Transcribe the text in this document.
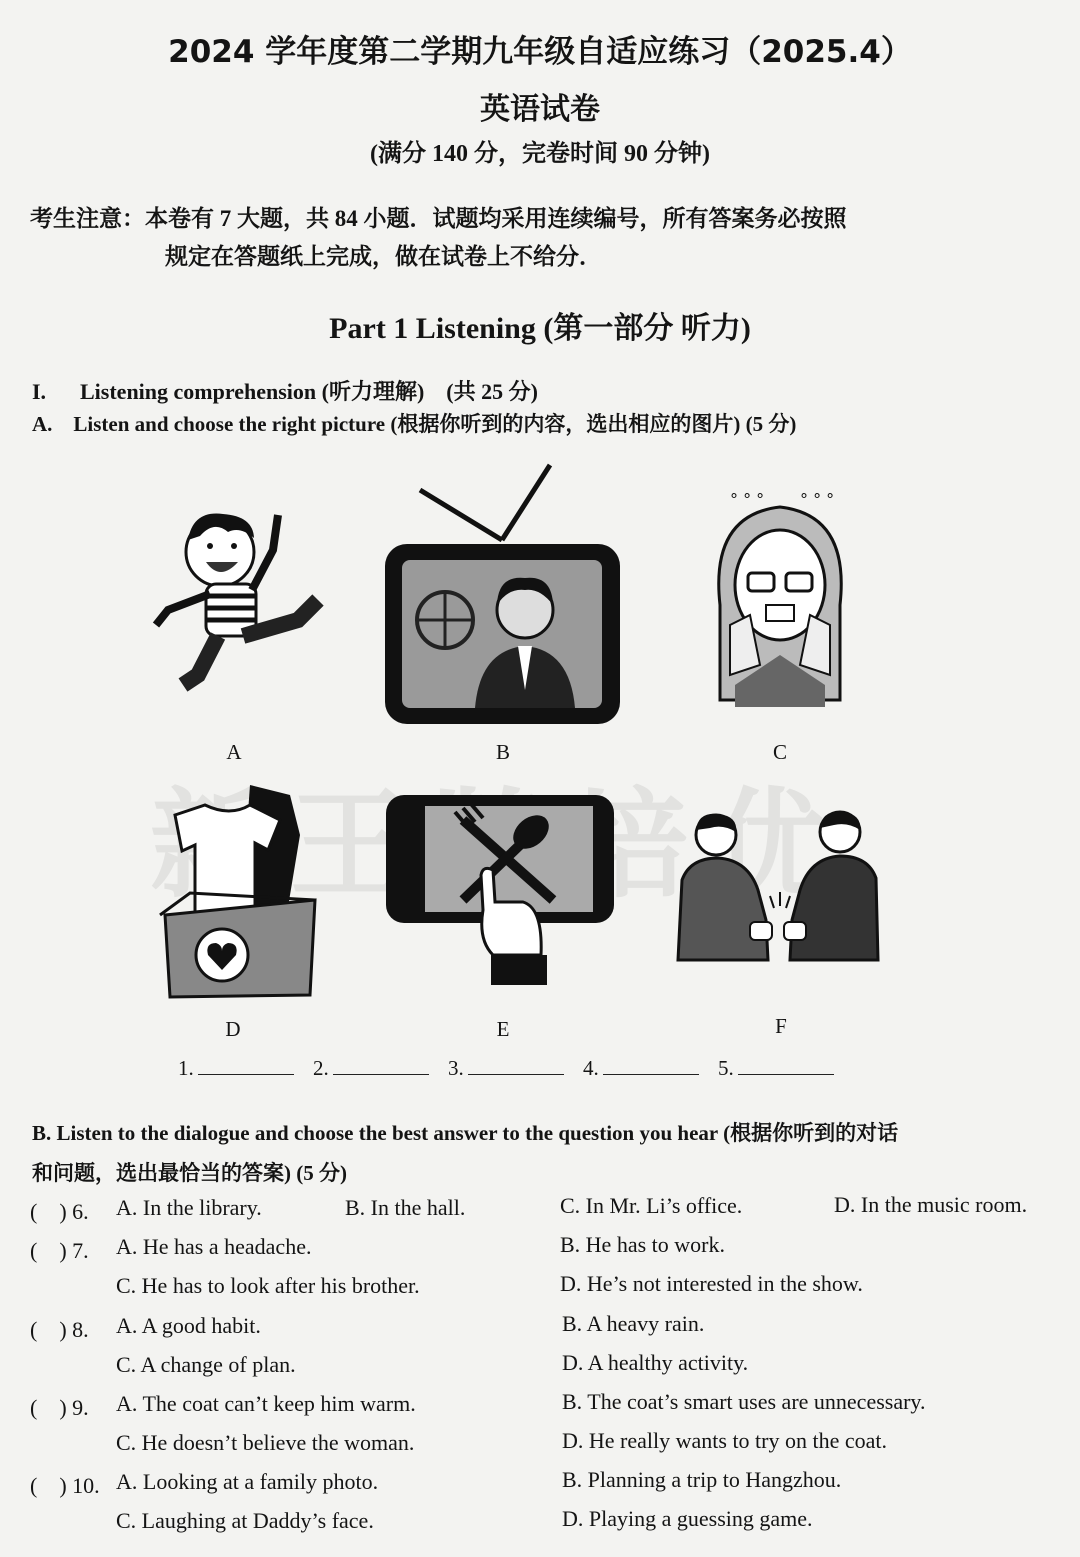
2024 学年度第二学期九年级自适应练习（2025.4）
英语试卷
(满分 140 分，完卷时间 90 分钟)
考生注意：本卷有 7 大题，共 84 小题．试题均采用连续编号，所有答案务必按照
规定在答题纸上完成，做在试卷上不给分．
Part 1 Listening (第一部分 听力)
I. Listening comprehension (听力理解)　(共 25 分)
A.　Listen and choose the right picture (根据你听到的内容，选出相应的图片) (5 分)
A	B
° ° ° ° ° °
C
D	E	F
1.	2.	3.	4.	5.
B. Listen to the dialogue and choose the best answer to the question you hear (根据你听到的对话
和问题，选出最恰当的答案) (5 分)
(　) 6. A. In the library.	B. In the hall.	C. In Mr. Li’s office.	D. In the music room.
(　) 7. A. He has a headache.	B. He has to work.
C. He has to look after his brother.	D. He’s not interested in the show.
(　) 8. A. A good habit.	B. A heavy rain.
C. A change of plan.	D. A healthy activity.
(　) 9. A. The coat can’t keep him warm.	B. The coat’s smart uses are unnecessary.
C. He doesn’t believe the woman.	D. He really wants to try on the coat.
(　) 10. A. Looking at a family photo.	B. Planning a trip to Hangzhou.
C. Laughing at Daddy’s face.	D. Playing a guessing game.
